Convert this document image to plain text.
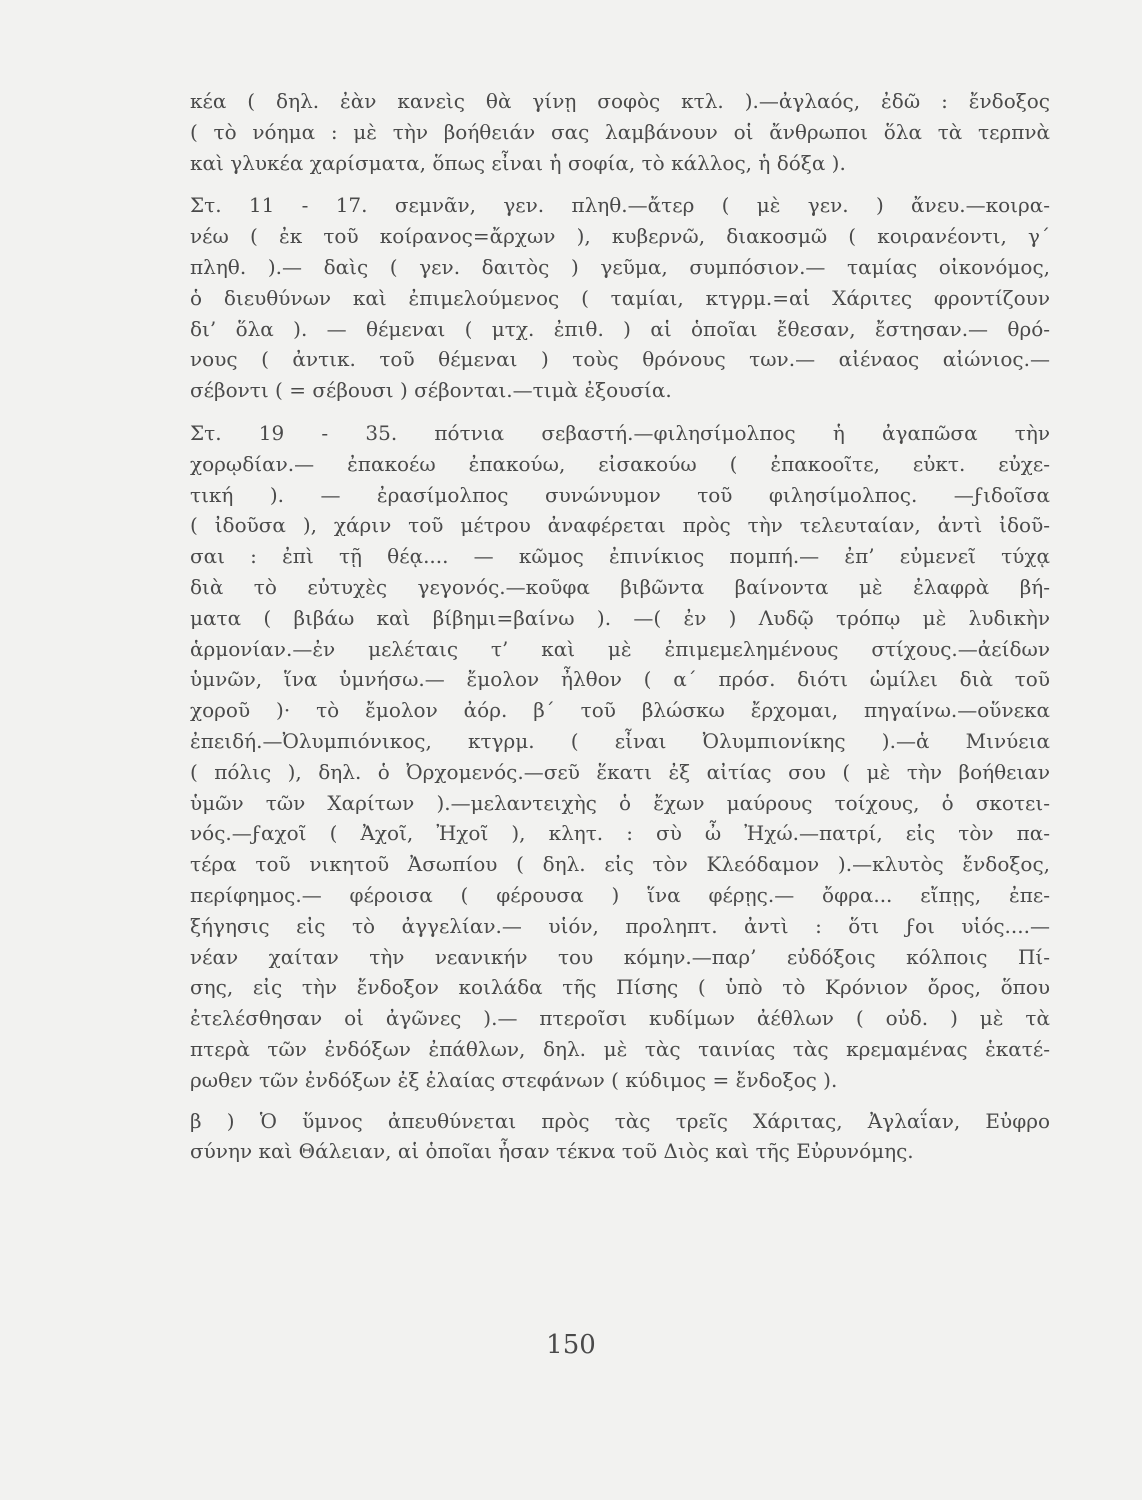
κέα ( δηλ. ἐὰν κανεὶς θὰ γίνῃ σοφὸς κτλ. ).—ἀγλαός, ἐδῶ : ἔνδοξος
( τὸ νόημα : μὲ τὴν βοήθειάν σας λαμβάνουν οἱ ἄνθρωποι ὅλα τὰ τερπνὰ
καὶ γλυκέα χαρίσματα, ὅπως εἶναι ἡ σοφία, τὸ κάλλος, ἡ δόξα ).
Στ. 11 - 17. σεμνᾶν, γεν. πληθ.—ἄτερ ( μὲ γεν. ) ἄνευ.—κοιρα-
νέω ( ἐκ τοῦ κοίρανος=ἄρχων ), κυβερνῶ, διακοσμῶ ( κοιρανέοντι, γ΄
πληθ. ).— δαὶς ( γεν. δαιτὸς ) γεῦμα, συμπόσιον.— ταμίας οἰκονόμος,
ὁ διευθύνων καὶ ἐπιμελούμενος ( ταμίαι, κτγρμ.=αἱ Χάριτες φροντίζουν
δι’ ὅλα ). — θέμεναι ( μτχ. ἐπιθ. ) αἱ ὁποῖαι ἔθεσαν, ἔστησαν.— θρό-
νους ( ἀντικ. τοῦ θέμεναι ) τοὺς θρόνους των.— αἰέναος αἰώνιος.—
σέβοντι ( = σέβουσι ) σέβονται.—τιμὰ ἐξουσία.
Στ. 19 - 35. πότνια σεβαστή.—φιλησίμολπος ἡ ἀγαπῶσα τὴν
χορῳδίαν.— ἐπακοέω ἐπακούω, εἰσακούω ( ἐπακοοῖτε, εὐκτ. εὐχε-
τική ). — ἐρασίμολπος συνώνυμον τοῦ φιλησίμολπος. —ϝιδοῖσα
( ἰδοῦσα ), χάριν τοῦ μέτρου ἀναφέρεται πρὸς τὴν τελευταίαν, ἀντὶ ἰδοῦ-
σαι : ἐπὶ τῇ θέᾳ.... — κῶμος ἐπινίκιος πομπή.— ἐπ’ εὐμενεῖ τύχᾳ
διὰ τὸ εὐτυχὲς γεγονός.—κοῦφα βιβῶντα βαίνοντα μὲ ἐλαφρὰ βή-
ματα ( βιβάω καὶ βίβημι=βαίνω ). —( ἐν ) Λυδῷ τρόπῳ μὲ λυδικὴν
ἁρμονίαν.—ἐν μελέταις τ’ καὶ μὲ ἐπιμεμελημένους στίχους.—ἀείδων
ὑμνῶν, ἵνα ὑμνήσω.— ἔμολον ἦλθον ( α΄ πρόσ. διότι ὡμίλει διὰ τοῦ
χοροῦ )· τὸ ἔμολον ἀόρ. β΄ τοῦ βλώσκω ἔρχομαι, πηγαίνω.—οὕνεκα
ἐπειδή.—Ὀλυμπιόνικος, κτγρμ. ( εἶναι Ὀλυμπιονίκης ).—ἁ Μινύεια
( πόλις ), δηλ. ὁ Ὀρχομενός.—σεῦ ἕκατι ἐξ αἰτίας σου ( μὲ τὴν βοήθειαν
ὑμῶν τῶν Χαρίτων ).—μελαντειχὴς ὁ ἔχων μαύρους τοίχους, ὁ σκοτει-
νός.—ϝαχοῖ ( Ἀχοῖ, Ἠχοῖ ), κλητ. : σὺ ὦ Ἠχώ.—πατρί, εἰς τὸν πα-
τέρα τοῦ νικητοῦ Ἀσωπίου ( δηλ. εἰς τὸν Κλεόδαμον ).—κλυτὸς ἔνδοξος,
περίφημος.— φέροισα ( φέρουσα ) ἵνα φέρῃς.— ὄφρα... εἴπῃς, ἐπε-
ξήγησις εἰς τὸ ἀγγελίαν.— υἱόν, προληπτ. ἀντὶ : ὅτι ϝοι υἱός....—
νέαν χαίταν τὴν νεανικήν του κόμην.—παρ’ εὐδόξοις κόλποις Πί-
σης, εἰς τὴν ἔνδοξον κοιλάδα τῆς Πίσης ( ὑπὸ τὸ Κρόνιον ὄρος, ὅπου
ἐτελέσθησαν οἱ ἀγῶνες ).— πτεροῖσι κυδίμων ἀέθλων ( οὐδ. ) μὲ τὰ
πτερὰ τῶν ἐνδόξων ἐπάθλων, δηλ. μὲ τὰς ταινίας τὰς κρεμαμένας ἑκατέ-
ρωθεν τῶν ἐνδόξων ἐξ ἐλαίας στεφάνων ( κύδιμος = ἔνδοξος ).
β ) Ὁ ὕμνος ἀπευθύνεται πρὸς τὰς τρεῖς Χάριτας, Ἀγλαΐαν, Εὐφρο
σύνην καὶ Θάλειαν, αἱ ὁποῖαι ἦσαν τέκνα τοῦ Διὸς καὶ τῆς Εὐρυνόμης.
150
